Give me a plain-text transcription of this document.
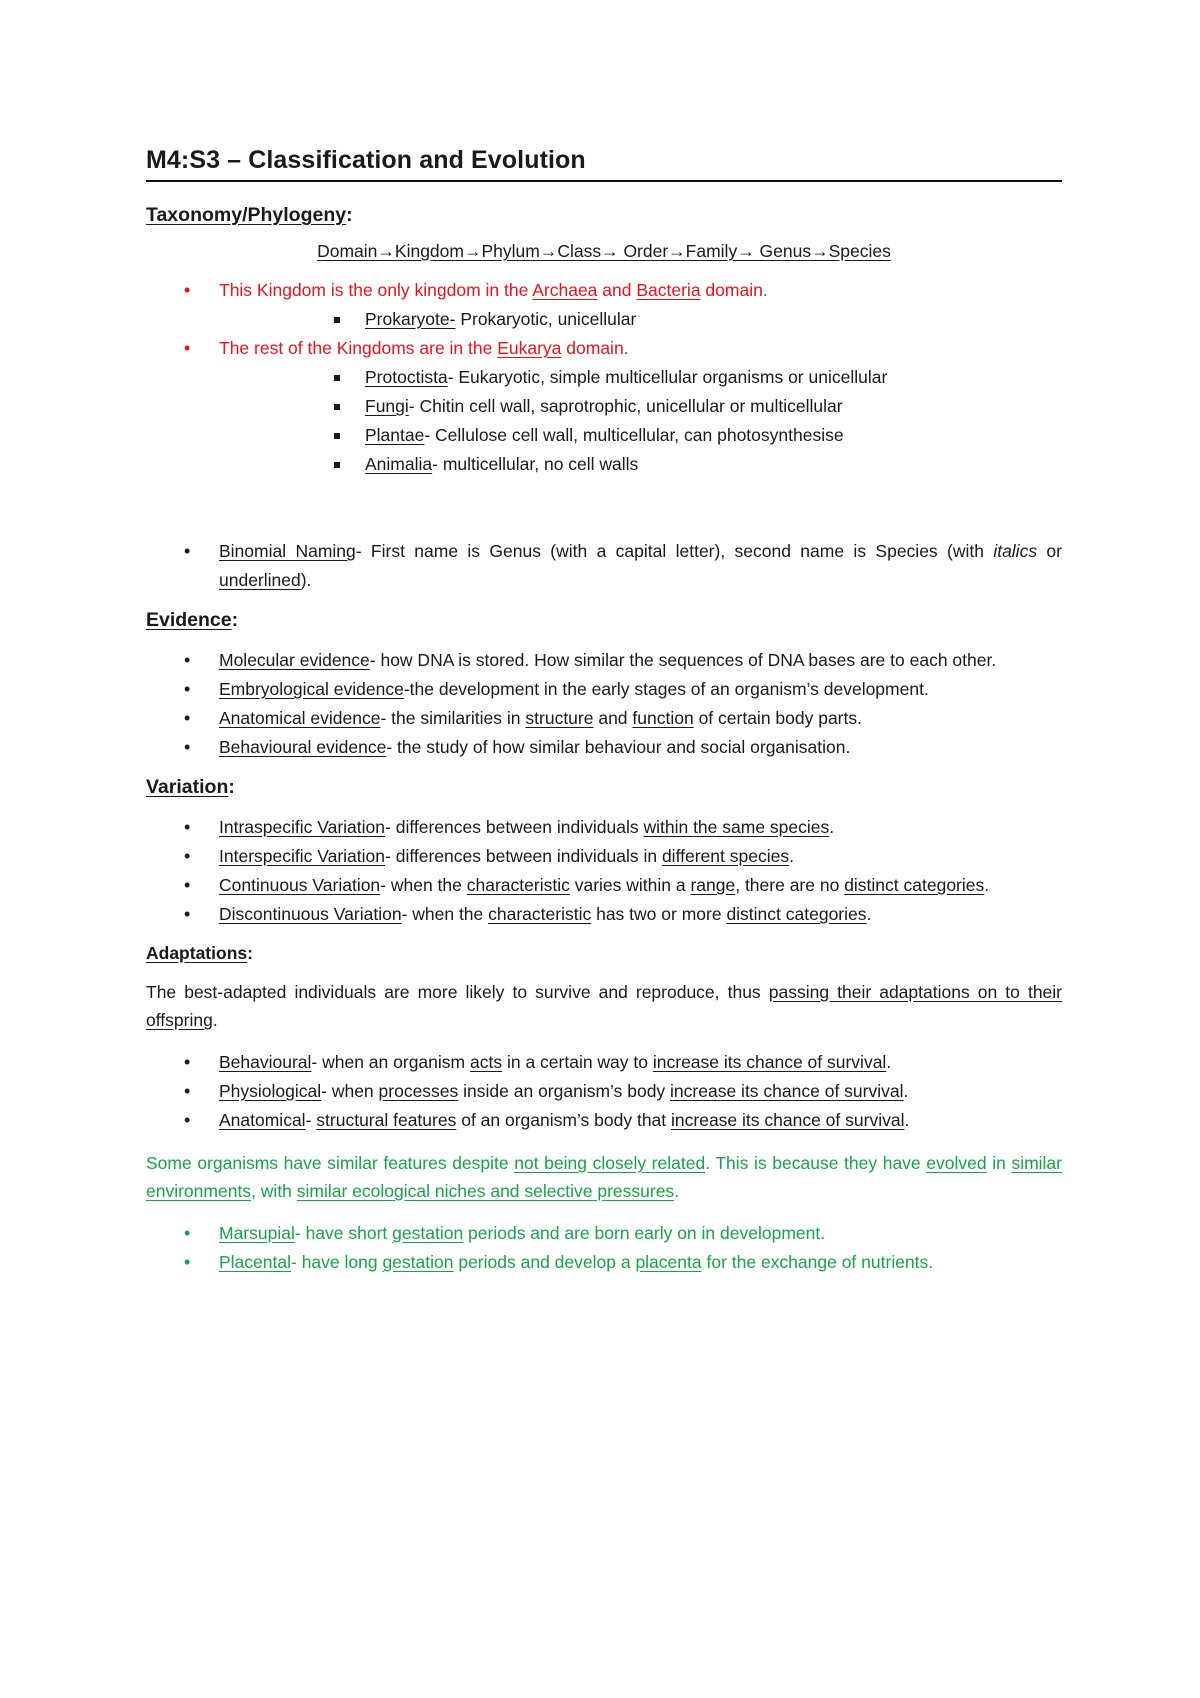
M4:S3 – Classification and Evolution
Taxonomy/Phylogeny:
Domain→Kingdom→Phylum→Class→ Order→Family→ Genus→Species
• This Kingdom is the only kingdom in the Archaea and Bacteria domain.
Prokaryote- Prokaryotic, unicellular
• The rest of the Kingdoms are in the Eukarya domain.
Protoctista- Eukaryotic, simple multicellular organisms or unicellular
Fungi- Chitin cell wall, saprotrophic, unicellular or multicellular
Plantae- Cellulose cell wall, multicellular, can photosynthesise
Animalia- multicellular, no cell walls
• Binomial Naming- First name is Genus (with a capital letter), second name is Species (with italics or underlined).
Evidence:
• Molecular evidence- how DNA is stored. How similar the sequences of DNA bases are to each other.
• Embryological evidence-the development in the early stages of an organism’s development.
• Anatomical evidence- the similarities in structure and function of certain body parts.
• Behavioural evidence- the study of how similar behaviour and social organisation.
Variation:
• Intraspecific Variation- differences between individuals within the same species.
• Interspecific Variation- differences between individuals in different species.
• Continuous Variation- when the characteristic varies within a range, there are no distinct categories.
• Discontinuous Variation- when the characteristic has two or more distinct categories.
Adaptations:

The best-adapted individuals are more likely to survive and reproduce, thus passing their adaptations on to their offspring.

• Behavioural- when an organism acts in a certain way to increase its chance of survival.
• Physiological- when processes inside an organism’s body increase its chance of survival.
• Anatomical- structural features of an organism’s body that increase its chance of survival.

Some organisms have similar features despite not being closely related. This is because they have evolved in similar environments, with similar ecological niches and selective pressures.

• Marsupial- have short gestation periods and are born early on in development.
• Placental- have long gestation periods and develop a placenta for the exchange of nutrients.
